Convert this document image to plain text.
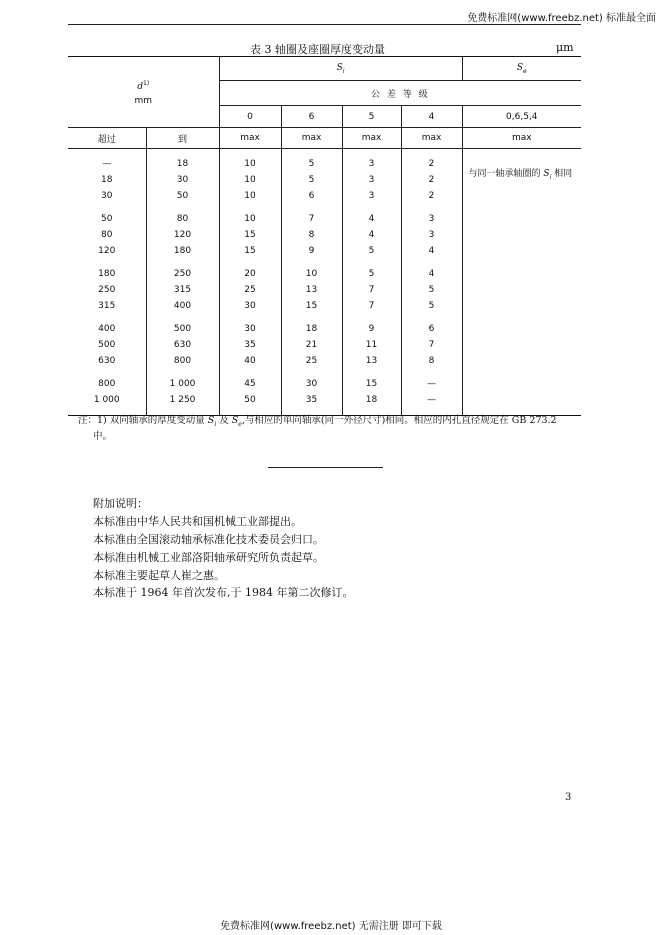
免费标准网(www.freebz.net) 标准最全面
表 3 轴圈及座圈厚度变动量	μm
$d^{1)}$
mm		$S_i$				$S_e$
		公 差 等 级				
		0	6	5	4	0,6,5,4
超过	到	max	max	max	max	max

与同一轴承轴圈的 $S_i$ 相同
—	18	10	5	3	2	
18	30	10	5	3	2	
30	50	10	6	3	2	

50	80	10	7	4	3	
80	120	15	8	4	3	
120	180	15	9	5	4	

180	250	20	10	5	4	
250	315	25	13	7	5	
315	400	30	15	7	5	

400	500	30	18	9	6	
500	630	35	21	11	7	
630	800	40	25	13	8	

800	1 000	45	30	15	—	
1 000	1 250	50	35	18	—	

注：1) 双向轴承的厚度变动量 $S_i$ 及 $S_e$,与相应的单向轴承(同一外径尺寸)相同。相应的内孔直径规定在 GB 273.2
中。
附加说明：
本标准由中华人民共和国机械工业部提出。
本标准由全国滚动轴承标准化技术委员会归口。
本标准由机械工业部洛阳轴承研究所负责起草。
本标准主要起草人崔之惠。
本标准于 1964 年首次发布,于 1984 年第二次修订。
3
免费标准网(www.freebz.net) 无需注册 即可下载
